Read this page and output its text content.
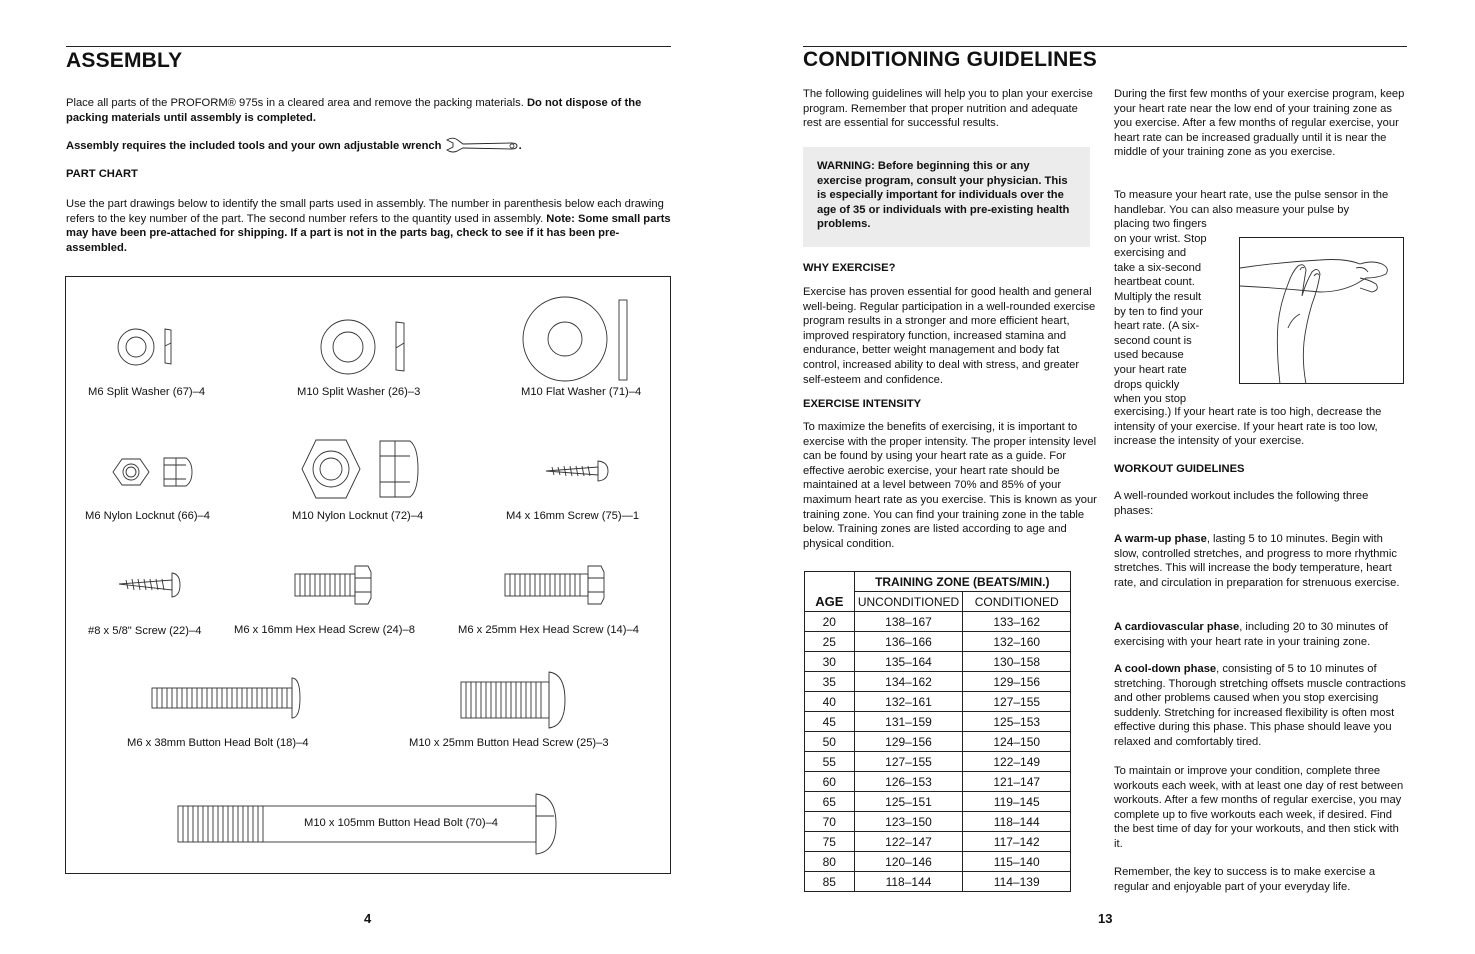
ASSEMBLY
Place all parts of the PROFORM® 975s in a cleared area and remove the packing materials. Do not dispose of the packing materials until assembly is completed.
Assembly requires the included tools and your own adjustable wrench	.
PART CHART
Use the part drawings below to identify the small parts used in assembly. The number in parenthesis below each drawing refers to the key number of the part. The second number refers to the quantity used in assembly. Note: Some small parts may have been pre-attached for shipping. If a part is not in the parts bag, check to see if it has been pre-assembled.
M6 Split Washer (67)–4	M10 Split Washer (26)–3	M10 Flat Washer (71)–4
M6 Nylon Locknut (66)–4	M10 Nylon Locknut (72)–4	M4 x 16mm Screw (75)—1
#8 x 5/8" Screw (22)–4	M6 x 16mm Hex Head Screw (24)–8	M6 x 25mm Hex Head Screw (14)–4
M6 x 38mm Button Head Bolt (18)–4	M10 x 25mm Button Head Screw (25)–3
M10 x 105mm Button Head Bolt (70)–4
4
CONDITIONING GUIDELINES
The following guidelines will help you to plan your exercise program. Remember that proper nutrition and adequate rest are essential for successful results.
WARNING: Before beginning this or any exercise program, consult your physician. This is especially important for individuals over the age of 35 or individuals with pre-existing health problems.
WHY EXERCISE?
Exercise has proven essential for good health and general well-being. Regular participation in a well-rounded exercise program results in a stronger and more efficient heart, improved respiratory function, increased stamina and endurance, better weight management and body fat control, increased ability to deal with stress, and greater self-esteem and confidence.
EXERCISE INTENSITY
To maximize the benefits of exercising, it is important to exercise with the proper intensity. The proper intensity level can be found by using your heart rate as a guide. For effective aerobic exercise, your heart rate should be maintained at a level between 70% and 85% of your maximum heart rate as you exercise. This is known as your training zone. You can find your training zone in the table below. Training zones are listed according to age and physical condition.
	TRAINING ZONE (BEATS/MIN.)	
AGE	UNCONDITIONED	CONDITIONED
20	138–167	133–162
25	136–166	132–160
30	135–164	130–158
35	134–162	129–156
40	132–161	127–155
45	131–159	125–153
50	129–156	124–150
55	127–155	122–149
60	126–153	121–147
65	125–151	119–145
70	123–150	118–144
75	122–147	117–142
80	120–146	115–140
85	118–144	114–139
During the first few months of your exercise program, keep your heart rate near the low end of your training zone as you exercise. After a few months of regular exercise, your heart rate can be increased gradually until it is near the middle of your training zone as you exercise.
To measure your heart rate, use the pulse sensor in the handlebar. You can also measure your pulse by
placing two fingers
on your wrist. Stop
exercising and
take a six-second
heartbeat count.
Multiply the result
by ten to find your
heart rate. (A six-
second count is
used because
your heart rate
drops quickly
when you stop
exercising.) If your heart rate is too high, decrease the intensity of your exercise. If your heart rate is too low, increase the intensity of your exercise.
WORKOUT GUIDELINES
A well-rounded workout includes the following three phases:
A warm-up phase, lasting 5 to 10 minutes. Begin with slow, controlled stretches, and progress to more rhythmic stretches. This will increase the body temperature, heart rate, and circulation in preparation for strenuous exercise.
A cardiovascular phase, including 20 to 30 minutes of exercising with your heart rate in your training zone.
A cool-down phase, consisting of 5 to 10 minutes of stretching. Thorough stretching offsets muscle contractions and other problems caused when you stop exercising suddenly. Stretching for increased flexibility is often most effective during this phase. This phase should leave you relaxed and comfortably tired.
To maintain or improve your condition, complete three workouts each week, with at least one day of rest between workouts. After a few months of regular exercise, you may complete up to five workouts each week, if desired. Find the best time of day for your workouts, and then stick with it.
Remember, the key to success is to make exercise a regular and enjoyable part of your everyday life.
13
